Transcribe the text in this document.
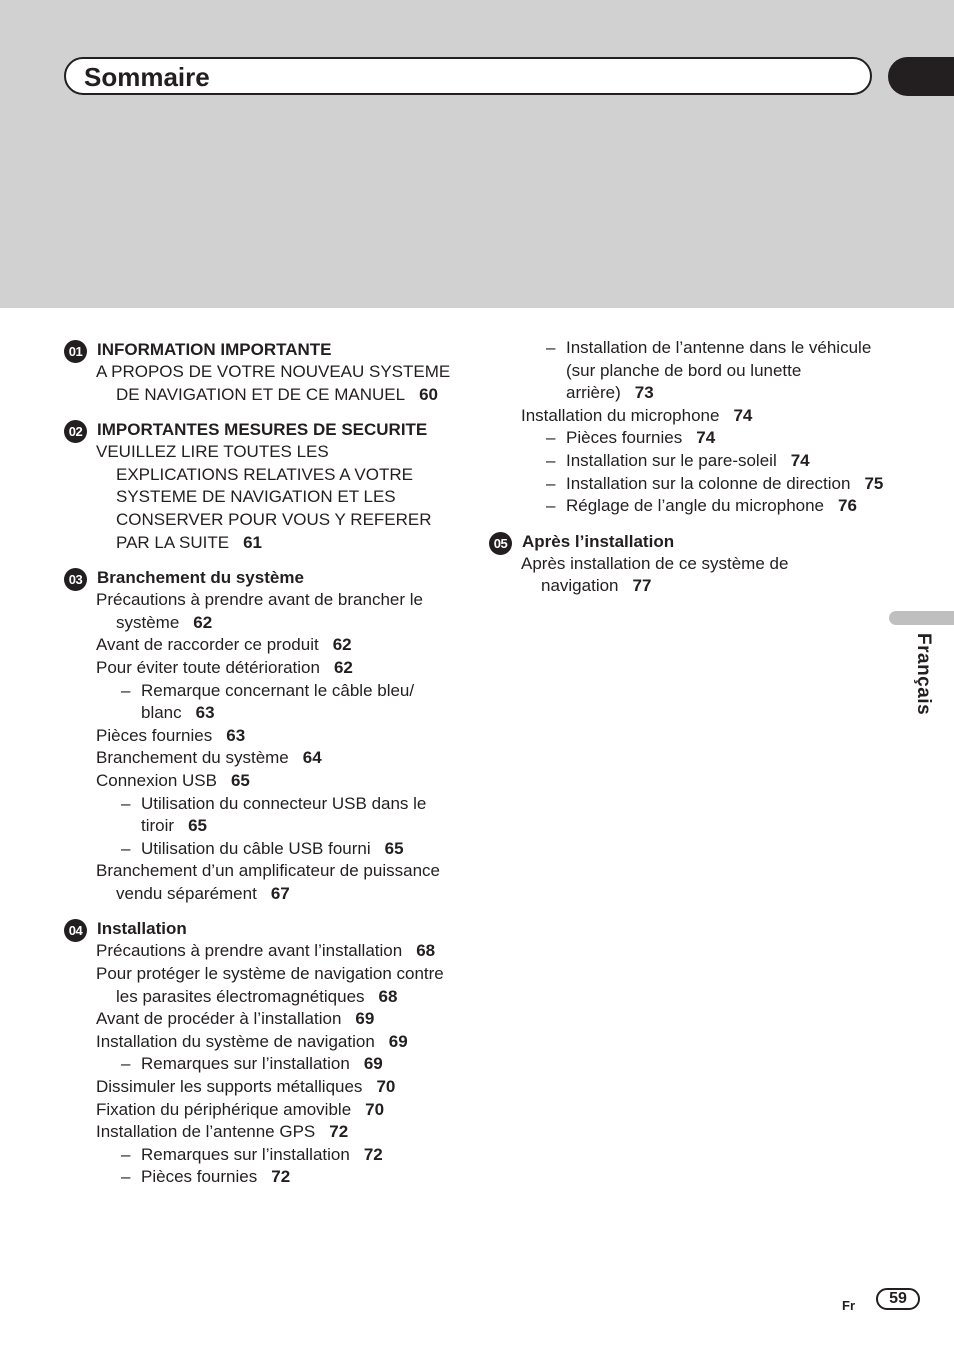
Sommaire
Français
01 INFORMATION IMPORTANTE
A PROPOS DE VOTRE NOUVEAU SYSTEME DE NAVIGATION ET DE CE MANUEL 60
02 IMPORTANTES MESURES DE SECURITE
VEUILLEZ LIRE TOUTES LES EXPLICATIONS RELATIVES A VOTRE SYSTEME DE NAVIGATION ET LES CONSERVER POUR VOUS Y REFERER PAR LA SUITE 61
03 Branchement du système
Précautions à prendre avant de brancher le système 62
Avant de raccorder ce produit 62
Pour éviter toute détérioration 62
– Remarque concernant le câble bleu/ blanc 63
Pièces fournies 63
Branchement du système 64
Connexion USB 65
– Utilisation du connecteur USB dans le tiroir 65
– Utilisation du câble USB fourni 65
Branchement d’un amplificateur de puissance vendu séparément 67
04 Installation
Précautions à prendre avant l’installation 68
Pour protéger le système de navigation contre les parasites électromagnétiques 68
Avant de procéder à l’installation 69
Installation du système de navigation 69
– Remarques sur l’installation 69
Dissimuler les supports métalliques 70
Fixation du périphérique amovible 70
Installation de l’antenne GPS 72
– Remarques sur l’installation 72
– Pièces fournies 72
– Installation de l’antenne dans le véhicule (sur planche de bord ou lunette arrière) 73
Installation du microphone 74
– Pièces fournies 74
– Installation sur le pare-soleil 74
– Installation sur la colonne de direction 75
– Réglage de l’angle du microphone 76
05 Après l’installation
Après installation de ce système de navigation 77
Fr	59
